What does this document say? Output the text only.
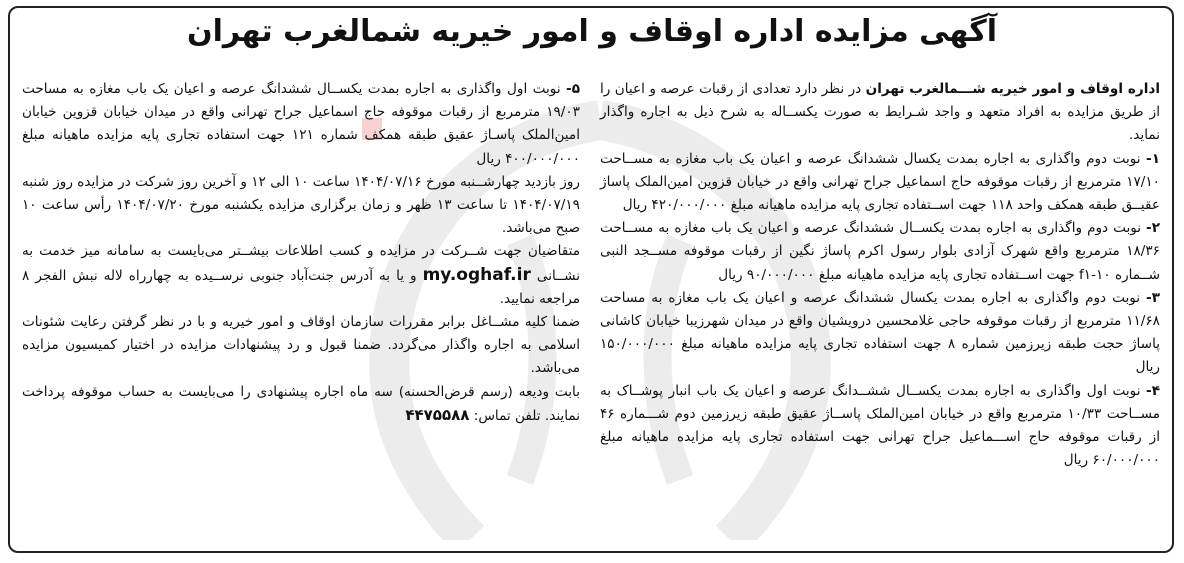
آگهی مزایده اداره اوقاف و امور خیریه شمالغرب تهران

اداره اوقاف و امور خیریه شـــمالغرب تهران در نظر دارد تعدادی از رقبات عرصه و اعیان را از طریق مزایده به افراد متعهد و واجد شـرایط به صورت یکســاله به شرح ذیل به اجاره واگذار نماید.

۱- نوبت دوم واگذاری به اجاره بمدت یکسال ششدانگ عرصه و اعیان یک باب مغازه به مســاحت ۱۷/۱۰ مترمربع از رقبات موقوفه حاج اسماعیل جراح تهرانی واقع در خیابان قزوین امین‌الملک پاساژ عقیــق طبقه همکف واحد ۱۱۸ جهت اســتفاده تجاری پایه مزایده ماهیانه مبلغ ۴۲۰/۰۰۰/۰۰۰ ریال

۲- نوبت دوم واگذاری به اجاره بمدت یکســال ششدانگ عرصه و اعیان یک باب مغازه به مســاحت ۱۸/۳۶ مترمربع واقع شهرک آزادی بلوار رسول اکرم پاساژ نگین از رقبات موقوفه مســجد النبی شــماره ۱۰-f۱ جهت اســتفاده تجاری پایه مزایده ماهیانه مبلغ ۹۰/۰۰۰/۰۰۰ ریال

۳- نوبت دوم واگذاری به اجاره بمدت یکسال ششدانگ عرصه و اعیان یک باب مغازه به مساحت ۱۱/۶۸ مترمربع از رقبات موقوفه حاجی غلامحسین درویشیان واقع در میدان شهرزیبا خیابان کاشانی پاساژ حجت طبقه زیرزمین شماره ۸ جهت استفاده تجاری پایه مزایده ماهیانه مبلغ ۱۵۰/۰۰۰/۰۰۰ ریال

۴- نوبت اول واگذاری به اجاره بمدت یکســال ششــدانگ عرصه و اعیان یک باب انبار پوشــاک به مســاحت ۱۰/۳۳ مترمربع واقع در خیابان امین‌الملک پاســاژ عقیق طبقه زیرزمین دوم شـــماره ۴۶ از رقبات موقوفه حاج اســـماعیل جراح تهرانی جهت استفاده تجاری پایه مزایده ماهیانه مبلغ ۶۰/۰۰۰/۰۰۰ ریال

۵- نوبت اول واگذاری به اجاره بمدت یکســال ششدانگ عرصه و اعیان یک باب مغازه به مساحت ۱۹/۰۳ مترمربع از رقبات موقوفه حاج اسماعیل جراح تهرانی واقع در میدان خیابان قزوین خیابان امین‌الملک پاسـاژ عقیق طبقه همکف شماره ۱۲۱ جهت استفاده تجاری پایه مزایده ماهیانه مبلغ ۴۰۰/۰۰۰/۰۰۰ ریال

روز بازدید چهارشــنبه مورخ ۱۴۰۴/۰۷/۱۶ ساعت ۱۰ الی ۱۲ و آخرین روز شرکت در مزایده روز شنبه ۱۴۰۴/۰۷/۱۹ تا ساعت ۱۳ ظهر و زمان برگزاری مزایده یکشنبه مورخ ۱۴۰۴/۰۷/۲۰ رأس ساعت ۱۰ صبح می‌باشد.

متقاضیان جهت شــرکت در مزایده و کسب اطلاعات بیشــتر می‌بایست به سامانه میز خدمت به نشــانی my.oghaf.ir و یا به آدرس جنت‌آباد جنوبی نرســیده به چهارراه لاله نبش الفجر ۸ مراجعه نمایید.

ضمنا کلیه مشــاغل برابر مقررات سازمان اوقاف و امور خیریه و با در نظر گرفتن رعایت شئونات اسلامی به اجاره واگذار می‌گردد. ضمنا قبول و رد پیشنهادات مزایده در اختیار کمیسیون مزایده می‌باشد.

بابت ودیعه (رسم قرض‌الحسنه) سه ماه اجاره پیشنهادی را می‌بایست به حساب موقوفه پرداخت نمایند. تلفن تماس: ۴۴۷۵۵۸۸
